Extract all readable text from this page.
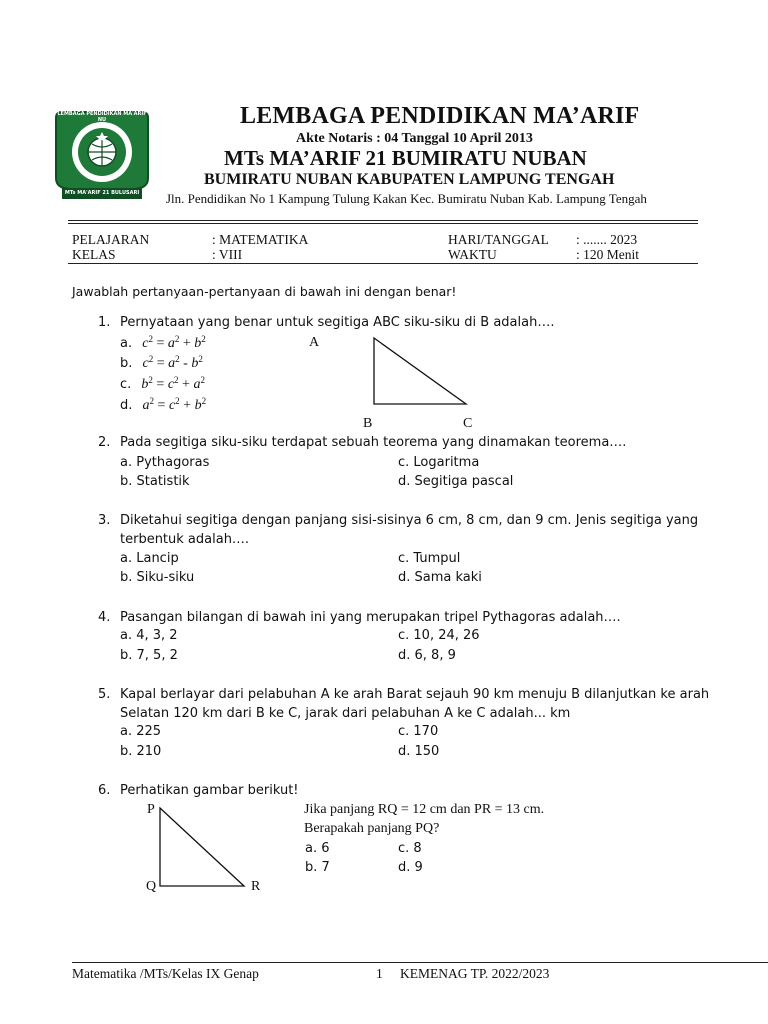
LEMBAGA PENDIDIKAN MA'ARIF NU
MTs MA'ARIF 21 BULUSARI
LEMBAGA PENDIDIKAN MA’ARIF
Akte Notaris : 04 Tanggal 10 April 2013
MTs MA’ARIF 21 BUMIRATU NUBAN
BUMIRATU NUBAN KABUPATEN LAMPUNG TENGAH
Jln. Pendidikan No 1 Kampung Tulung Kakan Kec. Bumiratu Nuban Kab. Lampung Tengah
PELAJARAN	: MATEMATIKA	HARI/TANGGAL : ....... 2023
KELAS	: VIII	WAKTU	: 120 Menit
Jawablah pertanyaan-pertanyaan di bawah ini dengan benar!
1. Pernyataan yang benar untuk segitiga ABC siku-siku di B adalah….
a. $c^2 = a^2 + b^2$
b. $c^2 = a^2 - b^2$
c. $b^2 = c^2 + a^2$
d. $a^2 = c^2 + b^2$
A
B	C
2. Pada segitiga siku-siku terdapat sebuah teorema yang dinamakan teorema….
a. Pythagoras	c. Logaritma
b. Statistik	d. Segitiga pascal
3. Diketahui segitiga dengan panjang sisi-sisinya 6 cm, 8 cm, dan 9 cm. Jenis segitiga yang
terbentuk adalah….
a. Lancip	c. Tumpul
b. Siku-siku	d. Sama kaki
4. Pasangan bilangan di bawah ini yang merupakan tripel Pythagoras adalah….
a. 4, 3, 2	c. 10, 24, 26
b. 7, 5, 2	d. 6, 8, 9
5. Kapal berlayar dari pelabuhan A ke arah Barat sejauh 90 km menuju B dilanjutkan ke arah
Selatan 120 km dari B ke C, jarak dari pelabuhan A ke C adalah... km
a. 225	c. 170
b. 210	d. 150
6. Perhatikan gambar berikut!
P
Q	R
Jika panjang RQ = 12 cm dan PR = 13 cm.
Berapakah panjang PQ?
a. 6	c. 8
b. 7	d. 9
Matematika /MTs/Kelas IX Genap	1 KEMENAG TP. 2022/2023
